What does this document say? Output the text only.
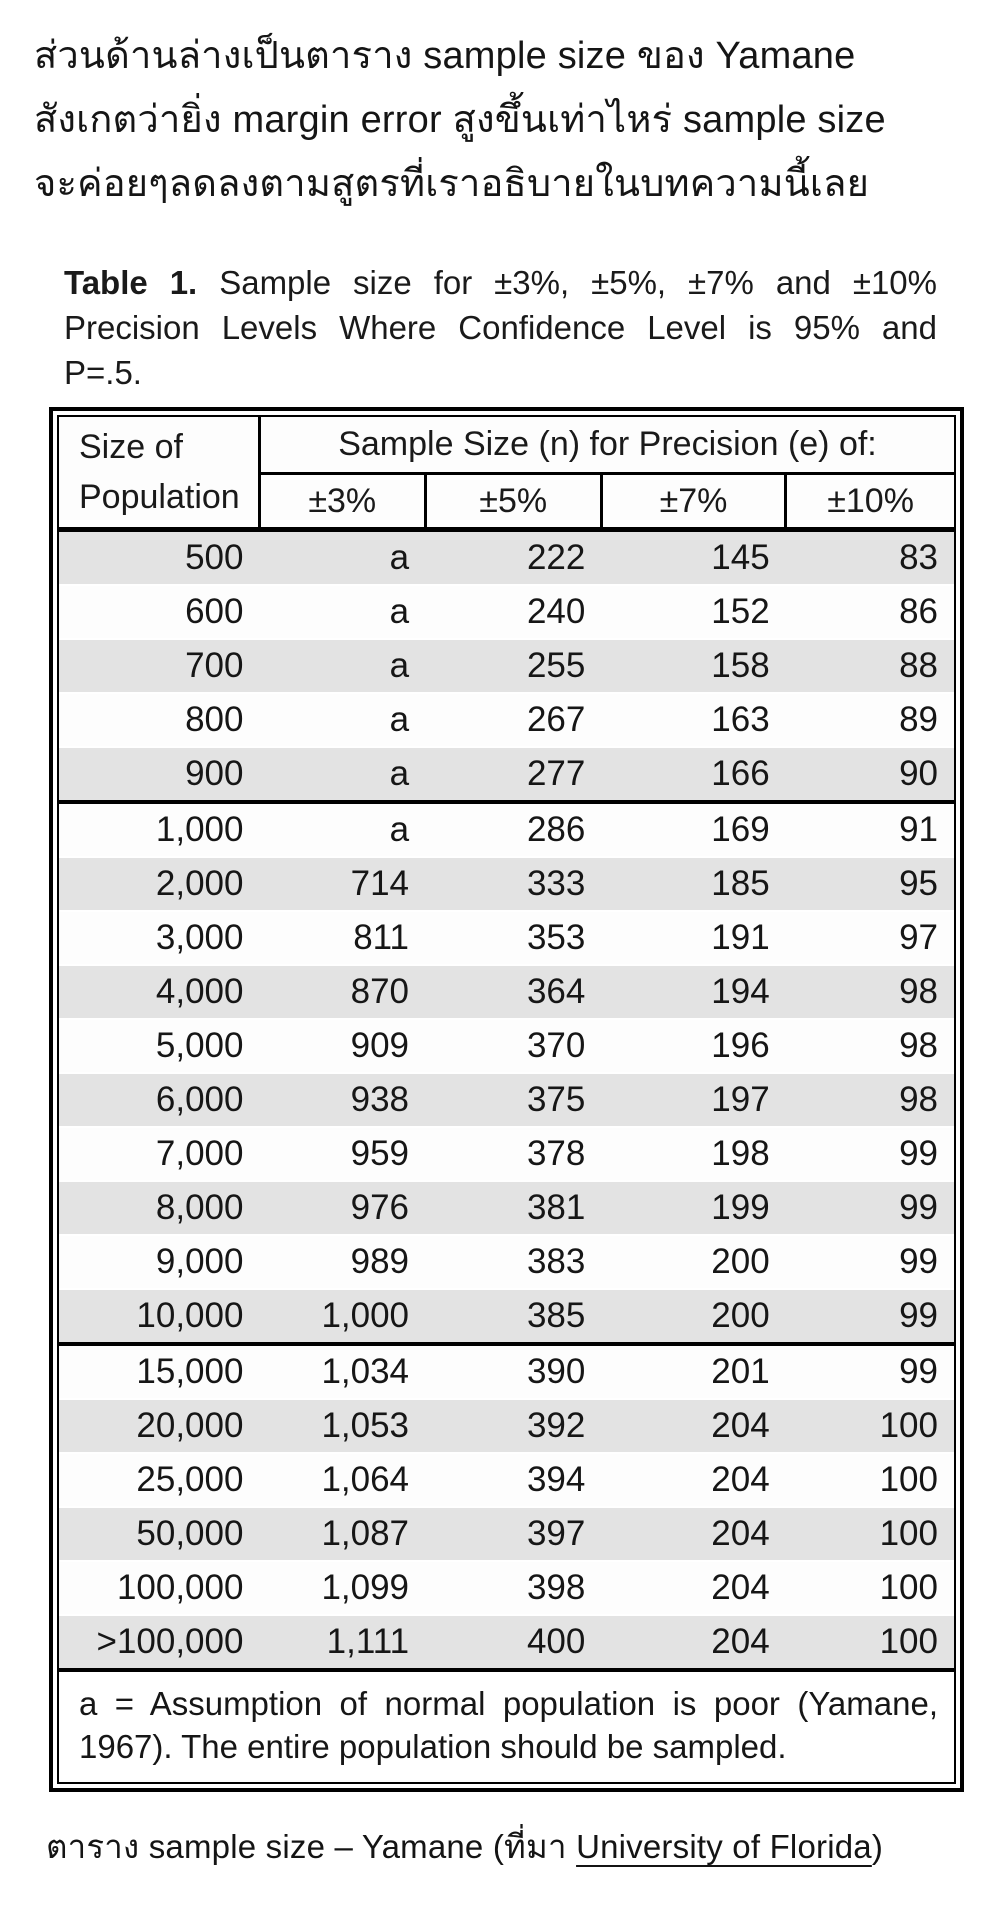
ส่วนด้านล่างเป็นตาราง sample size ของ Yamane
สังเกตว่ายิ่ง margin error สูงขึ้นเท่าไหร่ sample size
จะค่อยๆลดลงตามสูตรที่เราอธิบายในบทความนี้เลย
Table 1. Sample size for ±3%, ±5%, ±7% and ±10%
Precision Levels Where Confidence Level is 95% and
P=.5.
Size of
Population	Sample Size (n) for Precision (e) of:			
	±3%	±5%	±7%	±10%
500	a	222	145	83
600	a	240	152	86
700	a	255	158	88
800	a	267	163	89
900	a	277	166	90
1,000	a	286	169	91
2,000	714	333	185	95
3,000	811	353	191	97
4,000	870	364	194	98
5,000	909	370	196	98
6,000	938	375	197	98
7,000	959	378	198	99
8,000	976	381	199	99
9,000	989	383	200	99
10,000	1,000	385	200	99
15,000	1,034	390	201	99
20,000	1,053	392	204	100
25,000	1,064	394	204	100
50,000	1,087	397	204	100
100,000	1,099	398	204	100
>100,000	1,111	400	204	100

a = Assumption of normal population is poor (Yamane,
1967). The entire population should be sampled.				
ตาราง sample size – Yamane (ที่มา University of Florida)
